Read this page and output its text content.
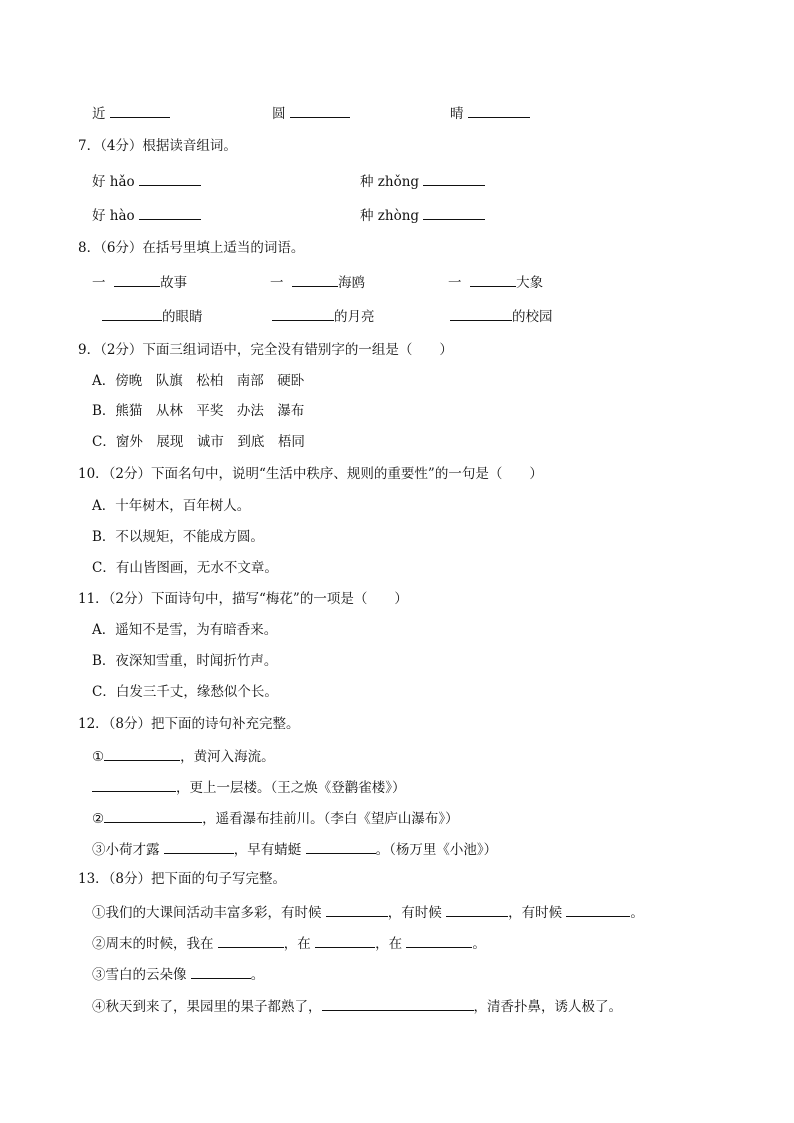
近	圆	晴
7．（4分）根据读音组词。
好 hǎo	种 zhǒng
好 hào	种 zhòng
8．（6分）在括号里填上适当的词语。
一	故事	一	海鸥	一	大象
的眼睛	的月亮	的校园
9．（2分）下面三组词语中，完全没有错别字的一组是（　　）
A．傍晚　队旗　松柏　南部　硬卧
B．熊猫　从林　平奖　办法　瀑布
C．窗外　展现　诚市　到底　梧同
10．（2分）下面名句中，说明“生活中秩序、规则的重要性”的一句是（　　）
A．十年树木，百年树人。
B．不以规矩，不能成方圆。
C．有山皆图画，无水不文章。
11．（2分）下面诗句中，描写“梅花”的一项是（　　）
A．遥知不是雪，为有暗香来。
B．夜深知雪重，时闻折竹声。
C．白发三千丈，缘愁似个长。
12．（8分）把下面的诗句补充完整。
①	，黄河入海流。
，更上一层楼。（王之焕《登鹳雀楼》）
②	，遥看瀑布挂前川。（李白《望庐山瀑布》）
③小荷才露	，早有蜻蜓	。（杨万里《小池》）
13．（8分）把下面的句子写完整。
①我们的大课间活动丰富多彩，有时候	，有时候	，有时候	。
②周末的时候，我在	，在	，在	。
③雪白的云朵像	。
④秋天到来了，果园里的果子都熟了，	，清香扑鼻，诱人极了。
